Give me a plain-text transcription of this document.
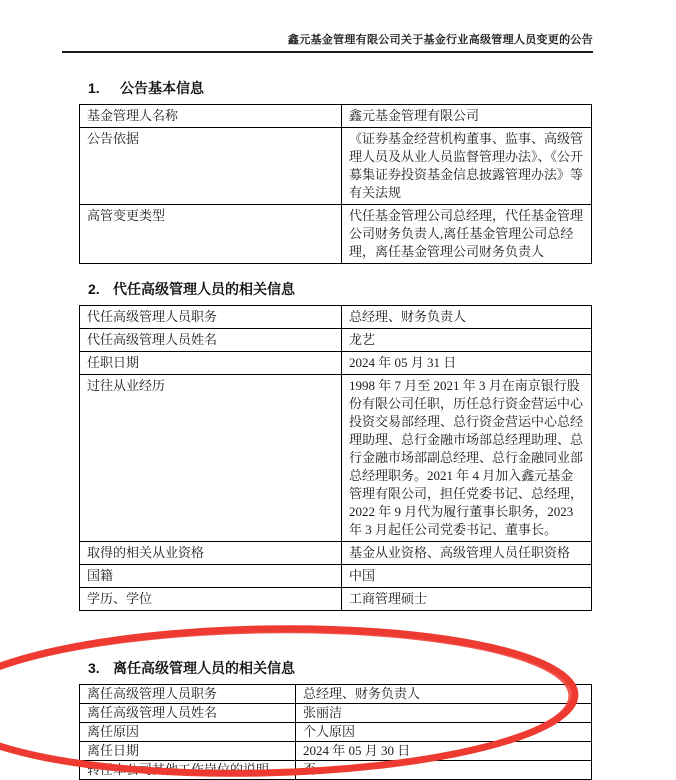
鑫元基金管理有限公司关于基金行业高级管理人员变更的公告
1. 公告基本信息
基金管理人名称	鑫元基金管理有限公司
公告依据	《证券基金经营机构董事、监事、高级管理人员及从业人员监督管理办法》、《公开募集证券投资基金信息披露管理办法》等有关法规
高管变更类型	代任基金管理公司总经理，代任基金管理公司财务负责人,离任基金管理公司总经理，离任基金管理公司财务负责人
2. 代任高级管理人员的相关信息
代任高级管理人员职务	总经理、财务负责人
代任高级管理人员姓名	龙艺
任职日期	2024 年 05 月 31 日
过往从业经历	1998 年 7 月至 2021 年 3 月在南京银行股份有限公司任职，历任总行资金营运中心投资交易部经理、总行资金营运中心总经理助理、总行金融市场部总经理助理、总行金融市场部副总经理、总行金融同业部总经理职务。2021 年 4 月加入鑫元基金管理有限公司，担任党委书记、总经理，2022 年 9 月代为履行董事长职务，2023 年 3 月起任公司党委书记、董事长。
取得的相关从业资格	基金从业资格、高级管理人员任职资格
国籍	中国
学历、学位	工商管理硕士
3. 离任高级管理人员的相关信息
离任高级管理人员职务	总经理、财务负责人
离任高级管理人员姓名	张丽洁
离任原因	个人原因
离任日期	2024 年 05 月 30 日
转任本公司其他工作岗位的说明	否
